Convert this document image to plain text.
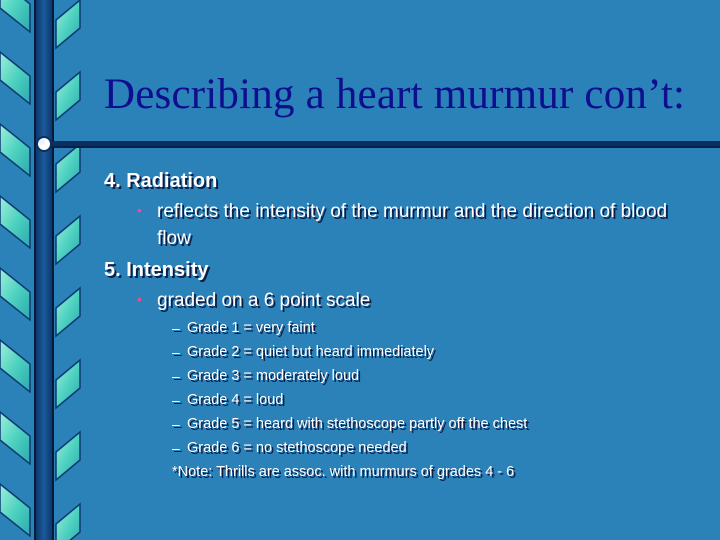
Describing a heart murmur con’t:
4. Radiation
• reflects the intensity of the murmur and the direction of blood
flow
5. Intensity
• graded on a 6 point scale
– Grade 1 = very faint
– Grade 2 = quiet but heard immediately
– Grade 3 = moderately loud
– Grade 4 = loud
– Grade 5 = heard with stethoscope partly off the chest
– Grade 6 = no stethoscope needed
*Note: Thrills are assoc. with murmurs of grades 4 - 6
